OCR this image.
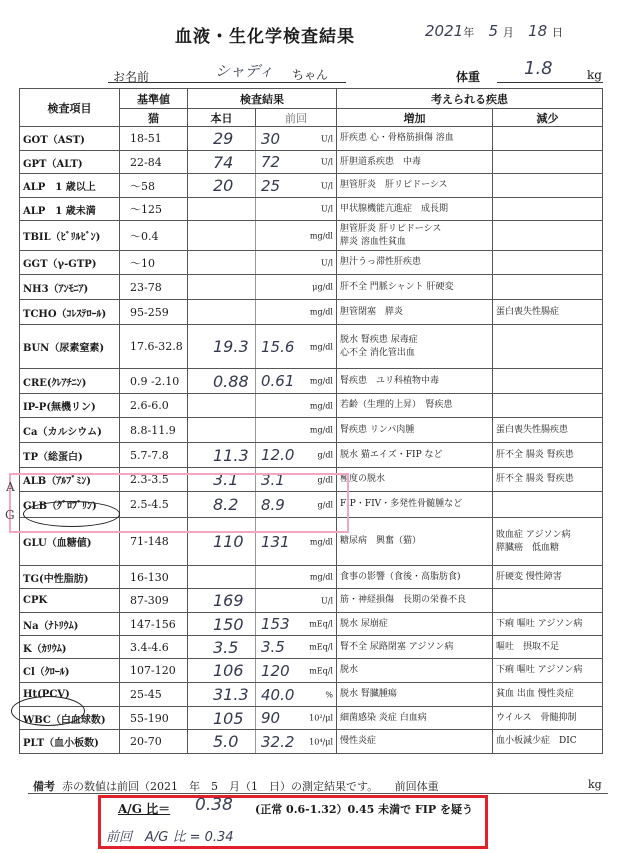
血液・生化学検査結果	2021年 5 月 18 日
お名前	シャディ ちゃん	体重 1.8	kg
検査項目	基準値	検査結果		考えられる疾患	
	猫	本日	前回	増加	減少
GOT（AST)	18-51	29	30 U/l	肝疾患 心・骨格筋損傷 溶血	
GPT（ALT)	22-84	74	72 U/l	肝胆道系疾患　中毒	
ALP　1 歳以上	～58	20	25 U/l	胆管肝炎　肝リピドーシス	
ALP　1 歳未満	～125		U/l	甲状腺機能亢進症　成長期	
TBIL（ﾋﾞﾘﾙﾋﾞﾝ)	～0.4		mg/dl	胆管肝炎 肝リピドーシス
膵炎 溶血性貧血	
GGT（γ-GTP)	～10		U/l	胆汁うっ滞性肝疾患	
NH3（ｱﾝﾓﾆｱ)	23-78		μg/dl	肝不全 門脈シャント 肝硬変	
TCHO（ｺﾚｽﾃﾛｰﾙ)	95-259		mg/dl	胆管閉塞　膵炎	蛋白喪失性腸症
BUN（尿素窒素)	17.6-32.8	19.3	15.6 mg/dl	脱水 腎疾患 尿毒症
心不全 消化管出血	
CRE(ｸﾚｱﾁﾆﾝ)	0.9 -2.10	0.88	0.61 mg/dl	腎疾患　ユリ科植物中毒	
IP-P(無機リン)	2.6-6.0		mg/dl	若齢（生理的上昇）　腎疾患	
Ca（カルシウム)	8.8-11.9		mg/dl	腎疾患 リンパ肉腫	蛋白喪失性腸疾患
TP（総蛋白)	5.7-7.8	11.3	12.0 g/dl	脱水 猫エイズ・FIP など	肝不全 腸炎 腎疾患
ALB（ｱﾙﾌﾞﾐﾝ)	2.3-3.5	3.1	3.1 g/dl	極度の脱水	肝不全 腸炎 腎疾患
GLB（ｸﾞﾛﾌﾞﾘﾝ)	2.5-4.5	8.2	8.9 g/dl	FIP・FIV・多発性骨髄腫など	
GLU（血糖値)	71-148	110	131 mg/dl	糖尿病　興奮（猫）	敗血症 アジソン病
膵臓癌　低血糖
TG(中性脂肪)	16-130		mg/dl	食事の影響（食後・高脂肪食)	肝硬変 慢性障害
CPK	87-309	169	U/l	筋・神経損傷　長期の栄養不良	
Na（ﾅﾄﾘｳﾑ)	147-156	150	153 mEq/l	脱水 尿崩症	下痢 嘔吐 アジソン病
K（ｶﾘｳﾑ)	3.4-4.6	3.5	3.5 mEq/l	腎不全 尿路閉塞 アジソン病	嘔吐　摂取不足
Cl（ｸﾛｰﾙ)	107-120	106	120 mEq/l	脱水	下痢 嘔吐 アジソン病
Ht(PCV)	25-45	31.3	40.0 %	脱水 腎臓腫瘍	貧血 出血 慢性炎症
WBC（白血球数)	55-190	105	90 10²/μl	細菌感染 炎症 白血病	ウイルス　骨髄抑制
PLT（血小板数)	20-70	5.0	32.2 10⁴/μl	慢性炎症	血小板減少症　DIC
A
G
備考 赤の数値は前回（2021　年　5　月（1　日）の測定結果です。　　前回体重	kg
A/G 比＝ 0.38 (正常 0.6-1.32）0.45 未満で FIP を疑う
前回　A/G 比 = 0.34
